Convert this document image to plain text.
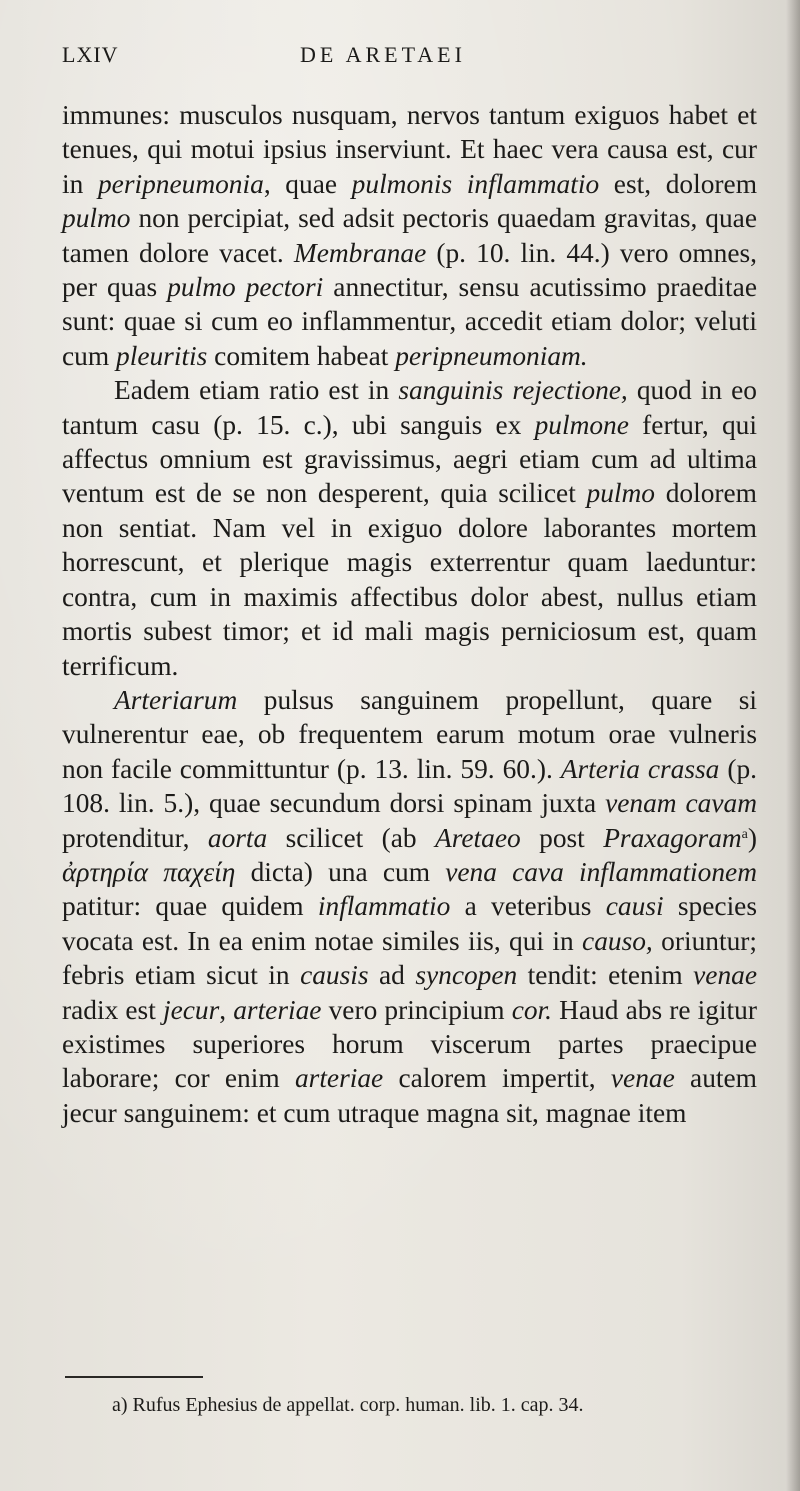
LXIV	DE ARETAEI

immunes: musculos nusquam, nervos tantum exiguos habet et tenues, qui motui ipsius inserviunt. Et haec vera causa est, cur in peripneumonia, quae pulmonis inflammatio est, dolorem pulmo non percipiat, sed adsit pectoris quaedam gravitas, quae tamen dolore vacet. Membranae (p. 10. lin. 44.) vero omnes, per quas pulmo pectori annectitur, sensu acutissimo praeditae sunt: quae si cum eo inflammentur, accedit etiam dolor; veluti cum pleuritis comitem habeat peripneumoniam.

Eadem etiam ratio est in sanguinis rejectione, quod in eo tantum casu (p. 15. c.), ubi sanguis ex pulmone fertur, qui affectus omnium est gravissimus, aegri etiam cum ad ultima ventum est de se non desperent, quia scilicet pulmo dolorem non sentiat. Nam vel in exiguo dolore laborantes mortem horrescunt, et plerique magis exterrentur quam laeduntur: contra, cum in maximis affectibus dolor abest, nullus etiam mortis subest timor; et id mali magis perniciosum est, quam terrificum.

Arteriarum pulsus sanguinem propellunt, quare si vulnerentur eae, ob frequentem earum motum orae vulneris non facile committuntur (p. 13. lin. 59. 60.). Arteria crassa (p. 108. lin. 5.), quae secundum dorsi spinam juxta venam cavam protenditur, aorta scilicet (ab Aretaeo post Praxagoram$^a$) ἀρτηρία παχείη dicta) una cum vena cava inflammationem patitur: quae quidem inflammatio a veteribus causi species vocata est. In ea enim notae similes iis, qui in causo, oriuntur; febris etiam sicut in causis ad syncopen tendit: etenim venae radix est jecur, arteriae vero principium cor. Haud abs re igitur existimes superiores horum viscerum partes praecipue laborare; cor enim arteriae calorem impertit, venae autem jecur sanguinem: et cum utraque magna sit, magnae item

a) Rufus Ephesius de appellat. corp. human. lib. 1. cap. 34.
